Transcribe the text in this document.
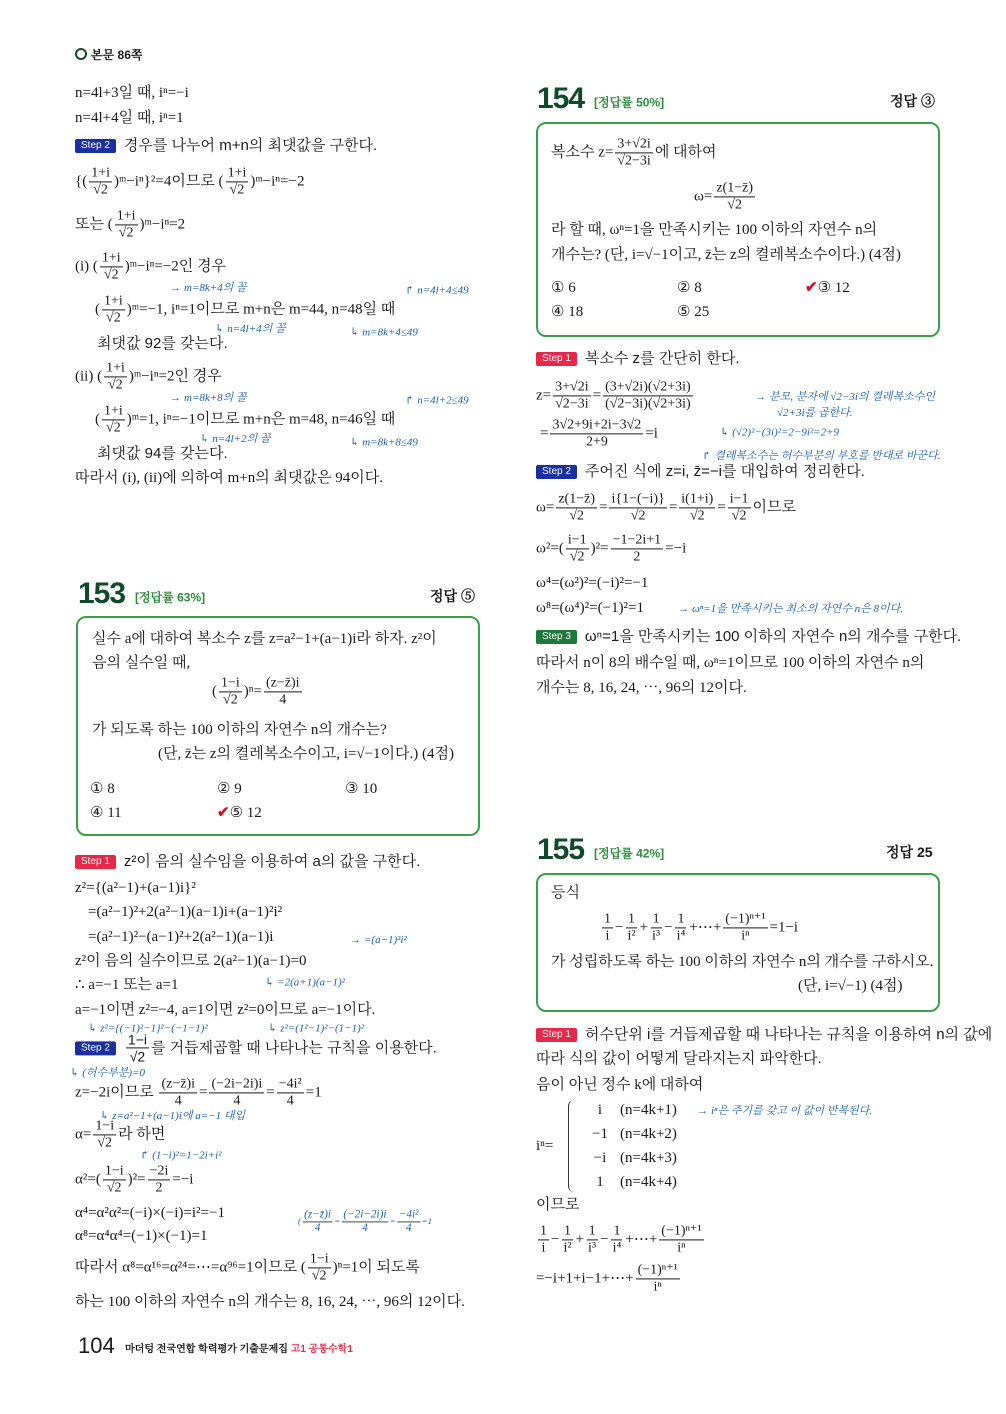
본문 86쪽
n=4l+3일 때, iⁿ=−i
n=4l+4일 때, iⁿ=1
Step 2 경우를 나누어 m+n의 최댓값을 구한다.
{( $\frac{1+i}{√2}$ )ᵐ−iⁿ}²=4이므로 ( $\frac{1+i}{√2}$ )ᵐ−iⁿ=−2
또는 ( $\frac{1+i}{√2}$ )ᵐ−iⁿ=2
(i) ( $\frac{1+i}{√2}$ )ᵐ−iⁿ=−2인 경우
→ m=8k+4의 꼴	↱ n=4l+4≤49
( $\frac{1+i}{√2}$ )ᵐ=−1, iⁿ=1이므로 m+n은 m=44, n=48일 때
↳ n=4l+4의 꼴	↳ m=8k+4≤49
최댓값 92를 갖는다.
(ii) ( $\frac{1+i}{√2}$ )ᵐ−iⁿ=2인 경우
→ m=8k+8의 꼴	↱ n=4l+2≤49
( $\frac{1+i}{√2}$ )ᵐ=1, iⁿ=−1이므로 m+n은 m=48, n=46일 때
↳ n=4l+2의 꼴	↳ m=8k+8≤49
최댓값 94를 갖는다.
따라서 (i), (ii)에 의하여 m+n의 최댓값은 94이다.
153 [정답률 63%]	정답 ⑤
실수 a에 대하여 복소수 z를 z=a²−1+(a−1)i라 하자. z²이
음의 실수일 때,
( $\frac{1-i}{√2} )^n= \frac{(z-z̄)i}{4}$
가 되도록 하는 100 이하의 자연수 n의 개수는?
(단, z̄는 z의 켤레복소수이고, i=√−1이다.) (4점)
① 8	② 9	③ 10
④ 11	✔⑤ 12
Step 1 z²이 음의 실수임을 이용하여 a의 값을 구한다.
z²={(a²−1)+(a−1)i}²
=(a²−1)²+2(a²−1)(a−1)i+(a−1)²i²
=(a²−1)²−(a−1)²+2(a²−1)(a−1)i	→ =(a−1)²i²
z²이 음의 실수이므로 2(a²−1)(a−1)=0
↳ =2(a+1)(a−1)²
∴ a=−1 또는 a=1
a=−1이면 z²=−4, a=1이면 z²=0이므로 a=−1이다.
↳ z²={(−1)²−1}²−(−1−1)²	↳ z²=(1²−1)²−(1−1)²
Step $2 \frac{1-i}{√2}$ 를 거듭제곱할 때 나타나는 규칙을 이용한다.
↳ (허수부분)=0
z=−2i이므로 $\frac{(z-z̄)i}{4} = \frac{(-2i-2i)i}{4} = \frac{\text{−4i²}}{4} =1$
↳ z=a²−1+(a−1)i에 a=−1 대입
$\alpha= \frac{1-i}{√2}$ 라 하면
↱ (1−i)²=1−2i+i²
$\alpha^2=( \frac{1-i}{√2} )^2= \frac{-2i}{2} =-i$
α⁴=α²α²=(−i)×(−i)=i²=−1
( $\frac{(z-z̄)i}{4} = \frac{(-2i-2i)i}{4} = \frac{\text{−4i²}}{4} =1$
α⁸=α⁴α⁴=(−1)×(−1)=1
따라서 α⁸=α¹⁶=α²⁴=⋯=α⁹⁶=1이므로 ( $\frac{1-i}{√2} )^n=1$이 되도록
하는 100 이하의 자연수 n의 개수는 8, 16, 24, ⋯, 96의 12이다.
154 [정답률 50%]	정답 ③
복소수 $z= \frac{3+√2i}{√2-3i}$ 에 대하여
$\omega= \frac{z(1-z̄)}{√2}$
라 할 때, ωⁿ=1을 만족시키는 100 이하의 자연수 n의
개수는? (단, i=√−1이고, z̄는 z의 켤레복소수이다.) (4점)
① 6	② 8	✔③ 12
④ 18	⑤ 25
Step 1 복소수 z를 간단히 한다.
$z= \frac{3+√2i}{√2-3i} = \frac{(3+√2i)(√2+3i)}{(√2-3i)(√2+3i)}$	→ 분모, 분자에 √2−3i의 켤레복소수인
√2+3i를 곱한다.
= $\frac{3√2+9i+2i-3√2}{2+9} =i$	↳ (√2)²−(3i)²=2−9i²=2+9
↱ 켤레복소수는 허수부분의 부호를 반대로 바꾼다.
Step 2 주어진 식에 z=i, z̄=−i를 대입하여 정리한다.
$\omega= \frac{z(1-z̄)}{√2} = \frac{i\{1-(-i)\}}{√2} = \frac{i(1+i)}{√2} = \frac{i-1}{√2}$ 이므로
$\omega^2=( \frac{i-1}{√2} )^2= \frac{-1-2i+1}{2} =-i$
ω⁴=(ω²)²=(−i)²=−1
ω⁸=(ω⁴)²=(−1)²=1	→ ωⁿ=1을 만족시키는 최소의 자연수 n은 8이다.
Step 3 ωⁿ=1을 만족시키는 100 이하의 자연수 n의 개수를 구한다.
따라서 n이 8의 배수일 때, ωⁿ=1이므로 100 이하의 자연수 n의
개수는 8, 16, 24, ⋯, 96의 12이다.
155 [정답률 42%]	정답 25
등식
$\frac{1}{i} - \frac{1}{\text{i²}} + \frac{1}{\text{i³}} - \frac{1}{\text{i⁴}}$ +⋯+ $\frac{\text{(−1)ⁿ⁺¹}}{\text{iⁿ}} =1-i$
가 성립하도록 하는 100 이하의 자연수 n의 개수를 구하시오.
(단, i=√−1) (4점)
Step 1 허수단위 i를 거듭제곱할 때 나타나는 규칙을 이용하여 n의 값에
따라 식의 값이 어떻게 달라지는지 파악한다.
음이 아닌 정수 k에 대하여
iⁿ=
i (n=4k+1)
−1 (n=4k+2)
−i (n=4k+3)
1 (n=4k+4)
→ iⁿ은 주기를 갖고 이 값이 반복된다.
이므로
$\frac{1}{i} - \frac{1}{\text{i²}} + \frac{1}{\text{i³}} - \frac{1}{\text{i⁴}}$ +⋯+ $\frac{\text{(−1)ⁿ⁺¹}}{\text{iⁿ}}$
=−i+1+i−1+⋯+ $\frac{\text{(−1)ⁿ⁺¹}}{\text{iⁿ}}$
104 마더텅 전국연합 학력평가 기출문제집 고1 공통수학1
